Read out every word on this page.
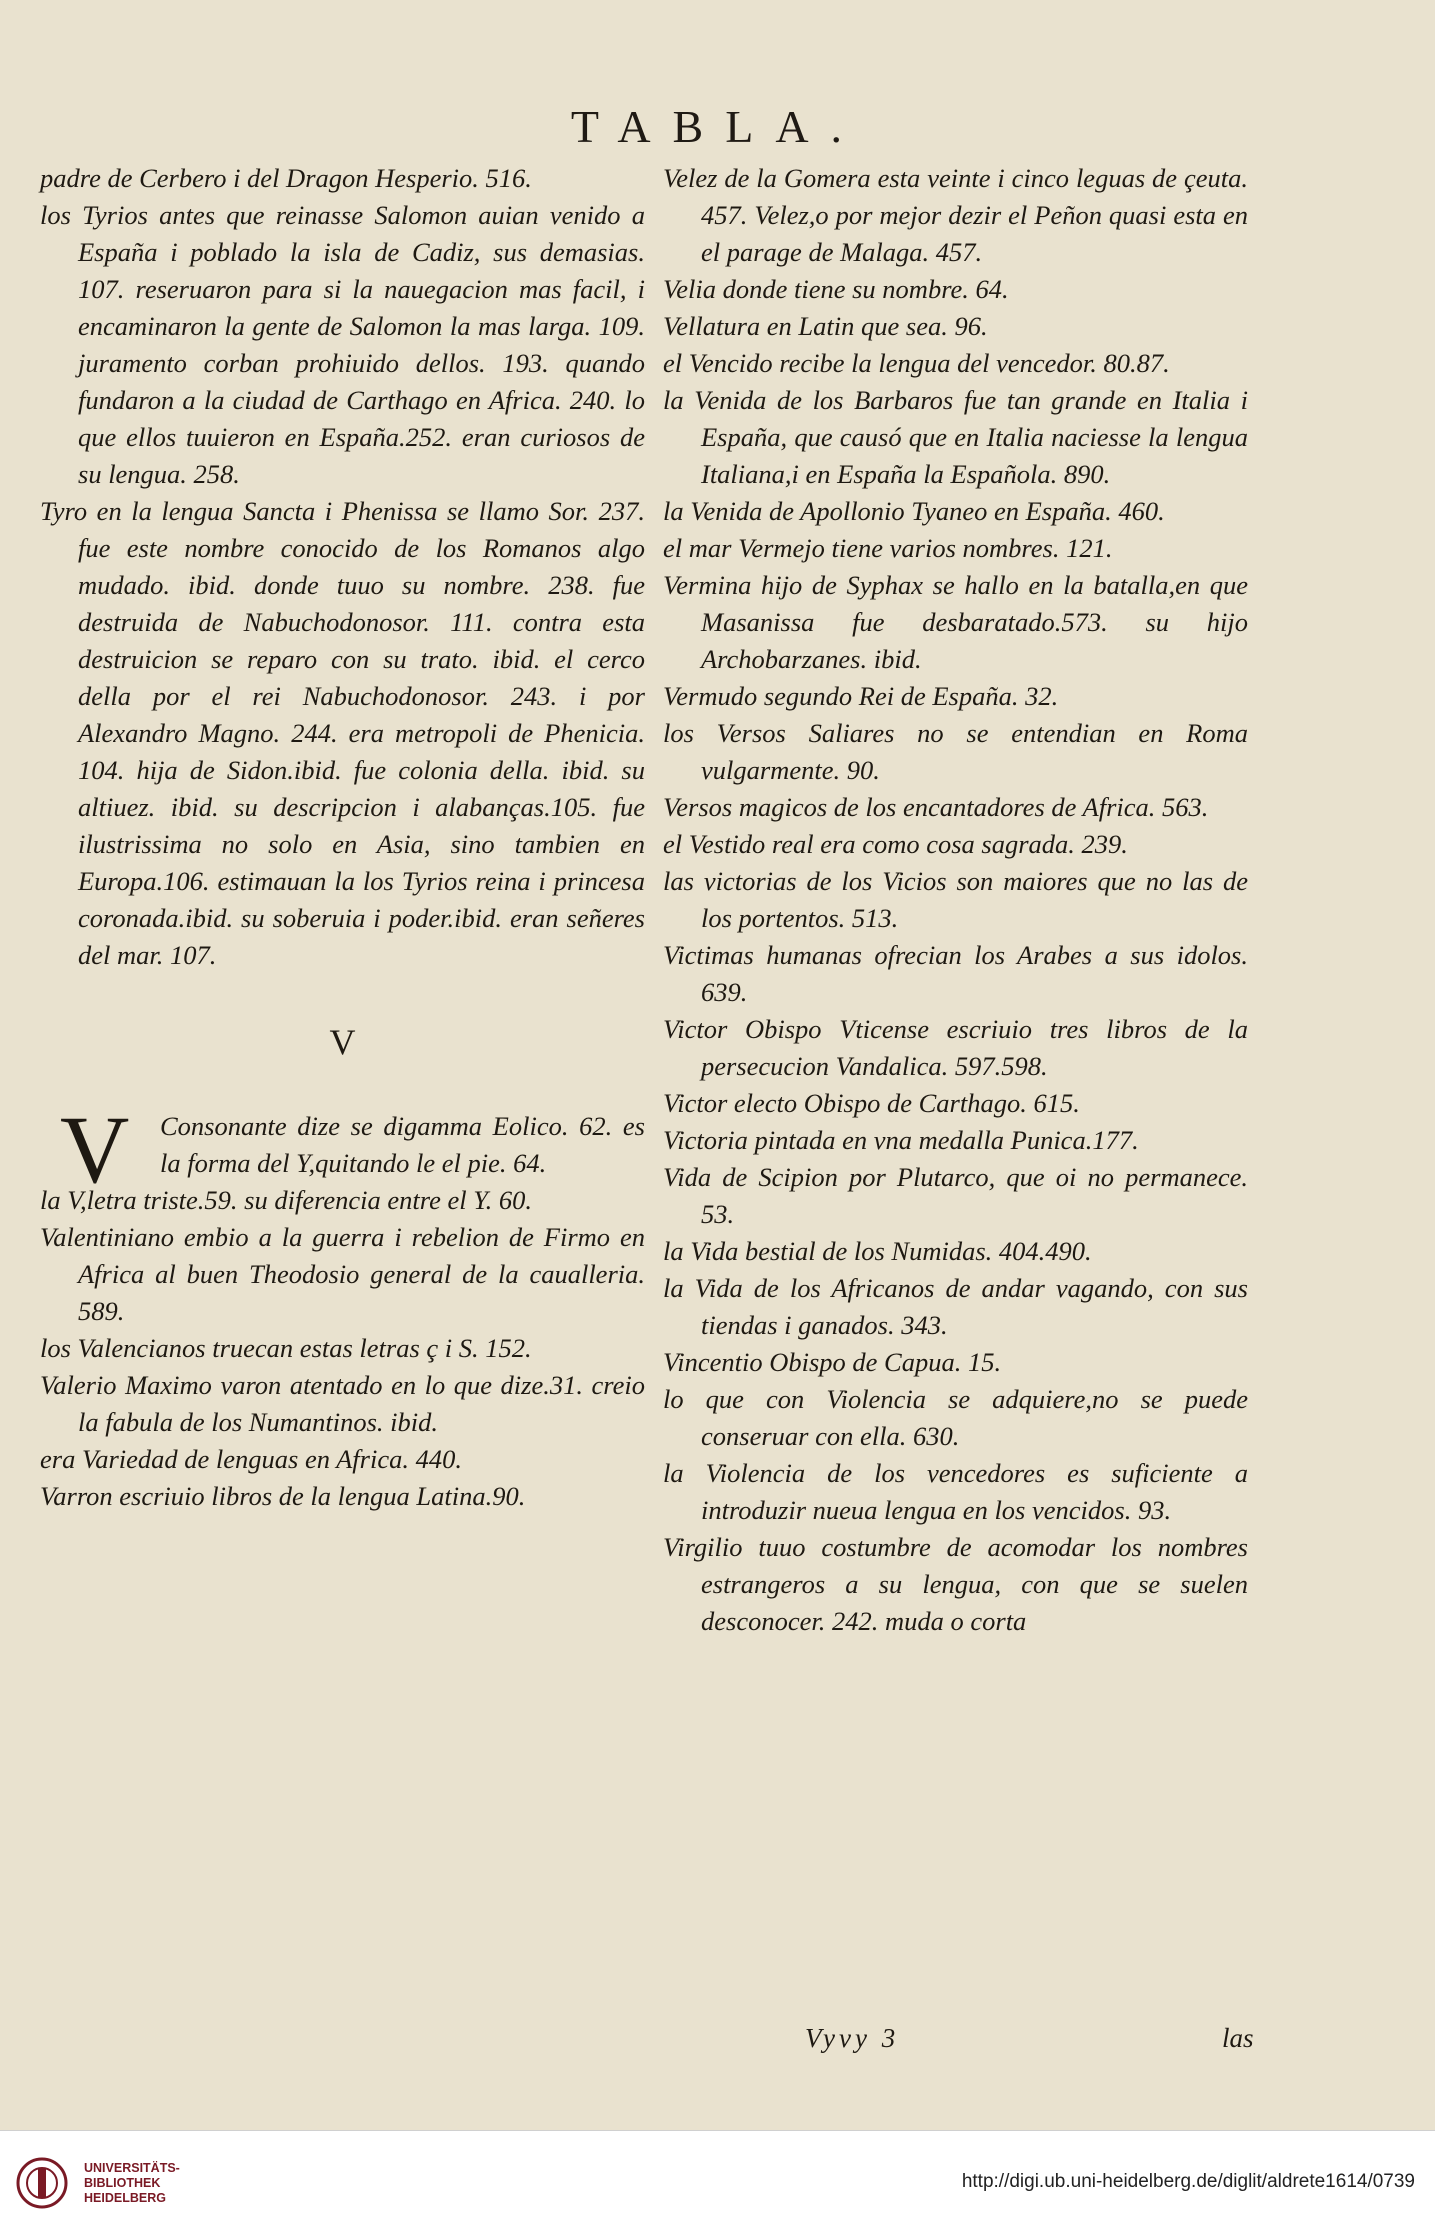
TABLA.

padre de Cerbero i del Dragon Hesperio. 516.

los Tyrios antes que reinasse Salomon auian venido a España i poblado la isla de Cadiz, sus demasias. 107. reseruaron para si la nauegacion mas facil, i encaminaron la gente de Salomon la mas larga. 109. juramento corban prohiuido dellos. 193. quando fundaron a la ciudad de Carthago en Africa. 240. lo que ellos tuuieron en España.252. eran curiosos de su lengua. 258.

Tyro en la lengua Sancta i Phenissa se llamo Sor. 237. fue este nombre conocido de los Romanos algo mudado. ibid. donde tuuo su nombre. 238. fue destruida de Nabuchodonosor. 111. contra esta destruicion se reparo con su trato. ibid. el cerco della por el rei Nabuchodonosor. 243. i por Alexandro Magno. 244. era metropoli de Phenicia. 104. hija de Sidon.ibid. fue colonia della. ibid. su altiuez. ibid. su descripcion i alabanças.105. fue ilustrissima no solo en Asia, sino tambien en Europa.106. estimauan la los Tyrios reina i princesa coronada.ibid. su soberuia i poder.ibid. eran señeres del mar. 107.

V

V Consonante dize se digamma Eolico. 62. es la forma del Y,quitando le el pie. 64.

la V,letra triste.59. su diferencia entre el Y. 60.

Valentiniano embio a la guerra i rebelion de Firmo en Africa al buen Theodosio general de la caualleria. 589.

los Valencianos truecan estas letras ç i S. 152.

Valerio Maximo varon atentado en lo que dize.31. creio la fabula de los Numantinos. ibid.

era Variedad de lenguas en Africa. 440.

Varron escriuio libros de la lengua Latina.90.

Velez de la Gomera esta veinte i cinco leguas de çeuta. 457. Velez,o por mejor dezir el Peñon quasi esta en el parage de Malaga. 457.

Velia donde tiene su nombre. 64.

Vellatura en Latin que sea. 96.

el Vencido recibe la lengua del vencedor. 80.87.

la Venida de los Barbaros fue tan grande en Italia i España, que causó que en Italia naciesse la lengua Italiana,i en España la Española. 890.

la Venida de Apollonio Tyaneo en España. 460.

el mar Vermejo tiene varios nombres. 121.

Vermina hijo de Syphax se hallo en la batalla,en que Masanissa fue desbaratado.573. su hijo Archobarzanes. ibid.

Vermudo segundo Rei de España. 32.

los Versos Saliares no se entendian en Roma vulgarmente. 90.

Versos magicos de los encantadores de Africa. 563.

el Vestido real era como cosa sagrada. 239.

las victorias de los Vicios son maiores que no las de los portentos. 513.

Victimas humanas ofrecian los Arabes a sus idolos. 639.

Victor Obispo Vticense escriuio tres libros de la persecucion Vandalica. 597.598.

Victor electo Obispo de Carthago. 615.

Victoria pintada en vna medalla Punica.177.

Vida de Scipion por Plutarco, que oi no permanece. 53.

la Vida bestial de los Numidas. 404.490.

la Vida de los Africanos de andar vagando, con sus tiendas i ganados. 343.

Vincentio Obispo de Capua. 15.

lo que con Violencia se adquiere,no se puede conseruar con ella. 630.

la Violencia de los vencedores es suficiente a introduzir nueua lengua en los vencidos. 93.

Virgilio tuuo costumbre de acomodar los nombres estrangeros a su lengua, con que se suelen desconocer. 242. muda o corta

Vyvy 3	las
UNIVERSITÄTS-
BIBLIOTHEK
HEIDELBERG
http://digi.ub.uni-heidelberg.de/diglit/aldrete1614/0739
